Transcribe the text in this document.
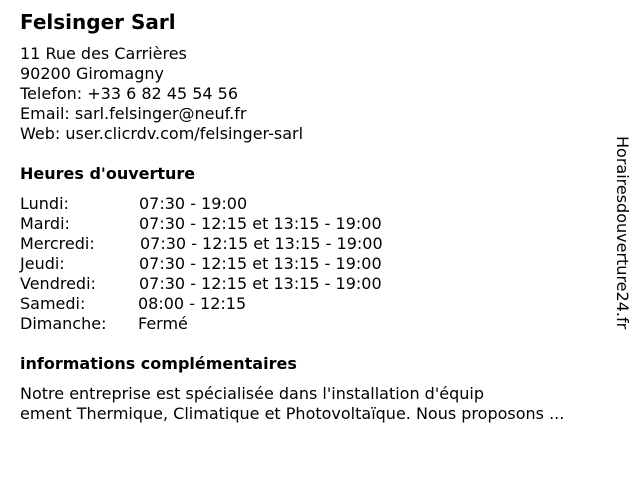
Felsinger Sarl
11 Rue des Carrières
90200 Giromagny
Telefon: +33 6 82 45 54 56
Email: sarl.felsinger@neuf.fr
Web: user.clicrdv.com/felsinger-sarl
Heures d'ouverture
Lundi:	07:30 - 19:00
Mardi:	07:30 - 12:15 et 13:15 - 19:00
Mercredi:	07:30 - 12:15 et 13:15 - 19:00
Jeudi:	07:30 - 12:15 et 13:15 - 19:00
Vendredi:	07:30 - 12:15 et 13:15 - 19:00
Samedi:	08:00 - 12:15
Dimanche: Fermé
informations complémentaires
Notre entreprise est spécialisée dans l'installation d'équip
ement Thermique, Climatique et Photovoltaïque. Nous proposons ...
Horairesdouverture24.fr
